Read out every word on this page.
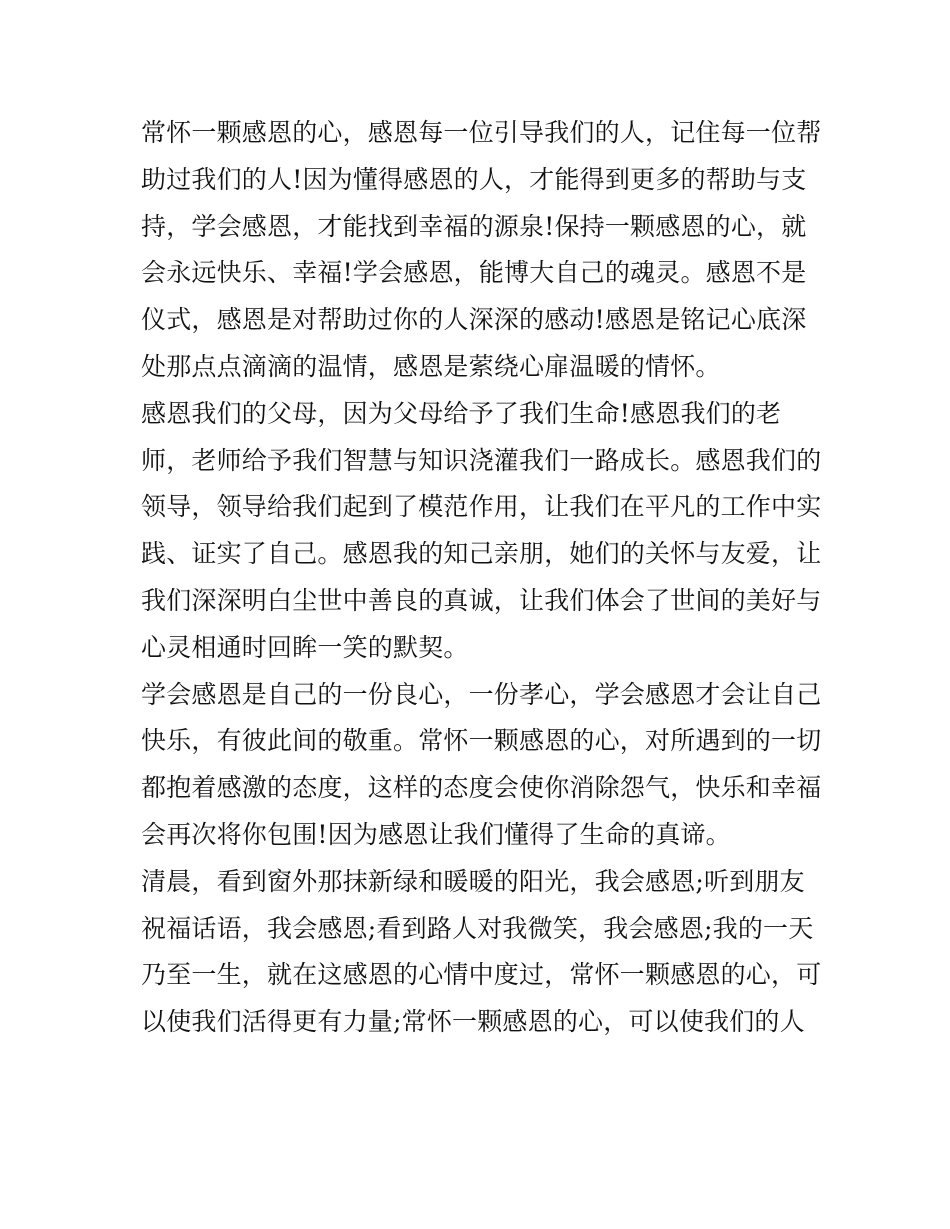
常怀一颗感恩的心，感恩每一位引导我们的人，记住每一位帮
助过我们的人!因为懂得感恩的人，才能得到更多的帮助与支
持，学会感恩，才能找到幸福的源泉!保持一颗感恩的心，就
会永远快乐、幸福!学会感恩，能博大自己的魂灵。感恩不是
仪式，感恩是对帮助过你的人深深的感动!感恩是铭记心底深
处那点点滴滴的温情，感恩是萦绕心扉温暖的情怀。
感恩我们的父母，因为父母给予了我们生命!感恩我们的老
师，老师给予我们智慧与知识浇灌我们一路成长。感恩我们的
领导，领导给我们起到了模范作用，让我们在平凡的工作中实
践、证实了自己。感恩我的知己亲朋，她们的关怀与友爱，让
我们深深明白尘世中善良的真诚，让我们体会了世间的美好与
心灵相通时回眸一笑的默契。
学会感恩是自己的一份良心，一份孝心，学会感恩才会让自己
快乐，有彼此间的敬重。常怀一颗感恩的心，对所遇到的一切
都抱着感激的态度，这样的态度会使你消除怨气，快乐和幸福
会再次将你包围!因为感恩让我们懂得了生命的真谛。
清晨，看到窗外那抹新绿和暖暖的阳光，我会感恩;听到朋友
祝福话语，我会感恩;看到路人对我微笑，我会感恩;我的一天
乃至一生，就在这感恩的心情中度过，常怀一颗感恩的心，可
以使我们活得更有力量;常怀一颗感恩的心，可以使我们的人
